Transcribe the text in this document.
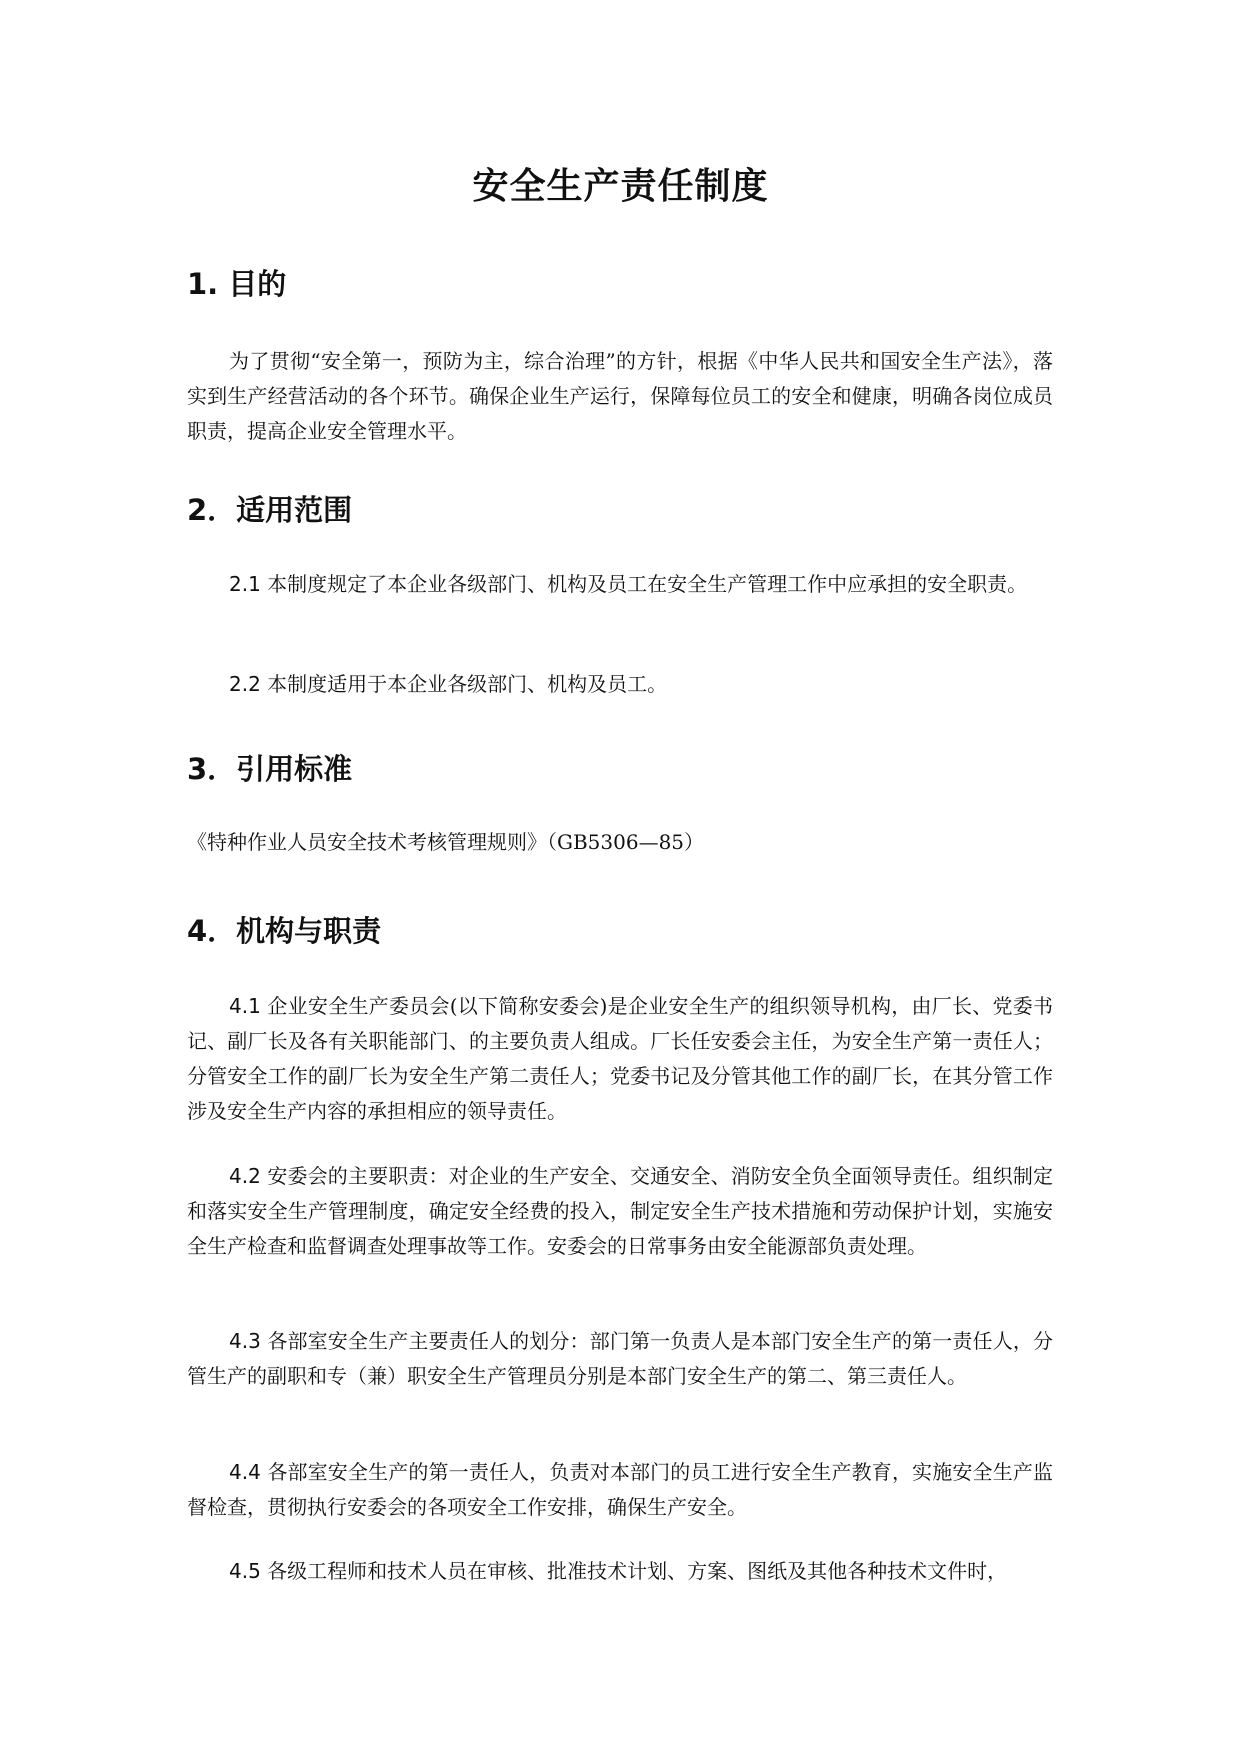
安全生产责任制度
1. 目的

为了贯彻“安全第一，预防为主，综合治理”的方针，根据《中华人民共和国安全生产法》，落实到生产经营活动的各个环节。确保企业生产运行，保障每位员工的安全和健康，明确各岗位成员职责，提高企业安全管理水平。

2．适用范围

2.1 本制度规定了本企业各级部门、机构及员工在安全生产管理工作中应承担的安全职责。

2.2 本制度适用于本企业各级部门、机构及员工。

3．引用标准

《特种作业人员安全技术考核管理规则》（GB5306—85）

4．机构与职责

4.1 企业安全生产委员会(以下简称安委会)是企业安全生产的组织领导机构，由厂长、党委书记、副厂长及各有关职能部门、的主要负责人组成。厂长任安委会主任，为安全生产第一责任人；分管安全工作的副厂长为安全生产第二责任人；党委书记及分管其他工作的副厂长，在其分管工作涉及安全生产内容的承担相应的领导责任。

4.2 安委会的主要职责：对企业的生产安全、交通安全、消防安全负全面领导责任。组织制定和落实安全生产管理制度，确定安全经费的投入，制定安全生产技术措施和劳动保护计划，实施安全生产检查和监督调查处理事故等工作。安委会的日常事务由安全能源部负责处理。

4.3 各部室安全生产主要责任人的划分：部门第一负责人是本部门安全生产的第一责任人，分管生产的副职和专（兼）职安全生产管理员分别是本部门安全生产的第二、第三责任人。

4.4 各部室安全生产的第一责任人，负责对本部门的员工进行安全生产教育，实施安全生产监督检查，贯彻执行安委会的各项安全工作安排，确保生产安全。

4.5 各级工程师和技术人员在审核、批准技术计划、方案、图纸及其他各种技术文件时，
